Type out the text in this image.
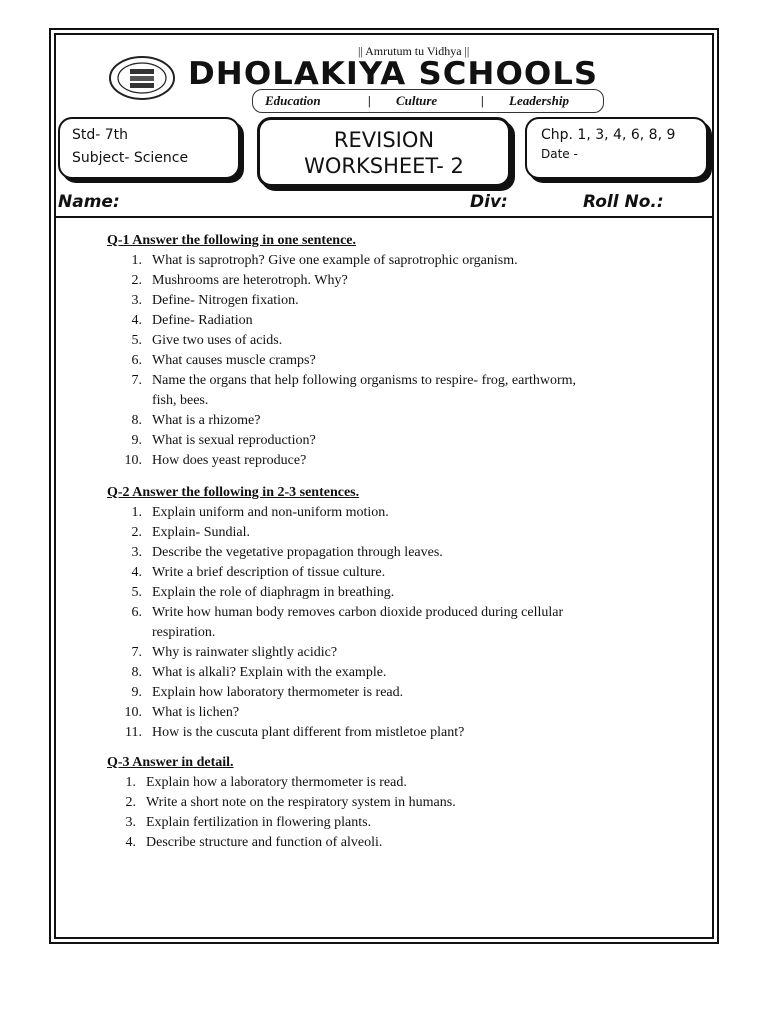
|| Amrutum tu Vidhya ||
DHOLAKIYA SCHOOLS
Education	| Culture	| Leadership
Std- 7th
Subject- Science
REVISION
WORKSHEET- 2
Chp. 1, 3, 4, 6, 8, 9
Date -
Name:	Div:	Roll No.:
Q-1 Answer the following in one sentence.
1. What is saprotroph? Give one example of saprotrophic organism.
2. Mushrooms are heterotroph. Why?
3. Define- Nitrogen fixation.
4. Define- Radiation
5. Give two uses of acids.
6. What causes muscle cramps?
7. Name the organs that help following organisms to respire- frog, earthworm,
fish, bees.
8. What is a rhizome?
9. What is sexual reproduction?
10. How does yeast reproduce?
Q-2 Answer the following in 2-3 sentences.
1. Explain uniform and non-uniform motion.
2. Explain- Sundial.
3. Describe the vegetative propagation through leaves.
4. Write a brief description of tissue culture.
5. Explain the role of diaphragm in breathing.
6. Write how human body removes carbon dioxide produced during cellular
respiration.
7. Why is rainwater slightly acidic?
8. What is alkali? Explain with the example.
9. Explain how laboratory thermometer is read.
10. What is lichen?
11. How is the cuscuta plant different from mistletoe plant?
Q-3 Answer in detail.
1. Explain how a laboratory thermometer is read.
2. Write a short note on the respiratory system in humans.
3. Explain fertilization in flowering plants.
4. Describe structure and function of alveoli.
